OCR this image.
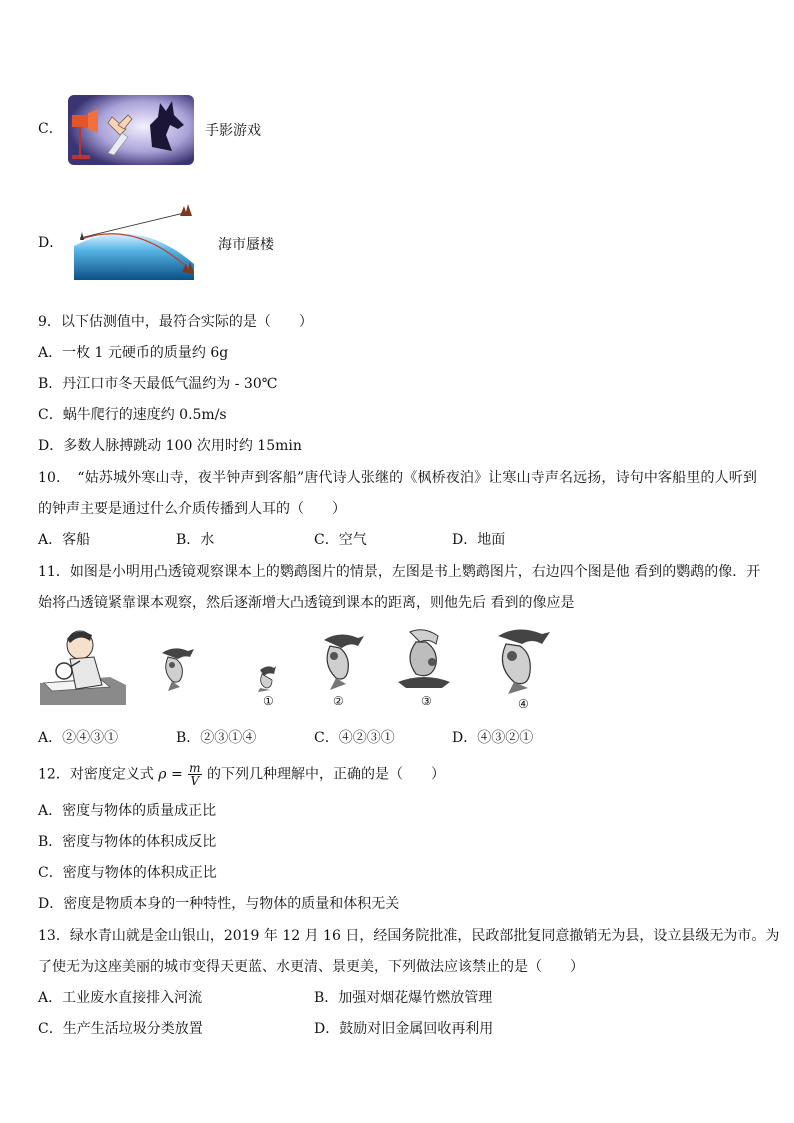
C．	手影游戏
D．	海市蜃楼
9．以下估测值中，最符合实际的是（　　）
A．一枚 1 元硬币的质量约 6g
B．丹江口市冬天最低气温约为 - 30℃
C．蜗牛爬行的速度约 0.5m/s
D．多数人脉搏跳动 100 次用时约 15min
10．　“姑苏城外寒山寺，夜半钟声到客船”唐代诗人张继的《枫桥夜泊》让寒山寺声名远扬，诗句中客船里的人听到
的钟声主要是通过什么介质传播到人耳的（　　）
A．客船	B．水	C．空气	D．地面
11．如图是小明用凸透镜观察课本上的鹦鹉图片的情景，左图是书上鹦鹉图片，右边四个图是他 看到的鹦鹉的像．开
始将凸透镜紧靠课本观察，然后逐渐增大凸透镜到课本的距离，则他先后 看到的像应是
①	②	③	④
A．②④③①	B．②③①④	C．④②③①	D．④③②①
12．对密度定义式 $\rho = \frac{m}{V}$ 的下列几种理解中，正确的是（　　）
A．密度与物体的质量成正比
B．密度与物体的体积成反比
C．密度与物体的体积成正比
D．密度是物质本身的一种特性，与物体的质量和体积无关
13．绿水青山就是金山银山，2019 年 12 月 16 日，经国务院批准，民政部批复同意撤销无为县，设立县级无为市。为
了使无为这座美丽的城市变得天更蓝、水更清、景更美，下列做法应该禁止的是（　　）
A．工业废水直接排入河流	B．加强对烟花爆竹燃放管理
C．生产生活垃圾分类放置	D．鼓励对旧金属回收再利用
